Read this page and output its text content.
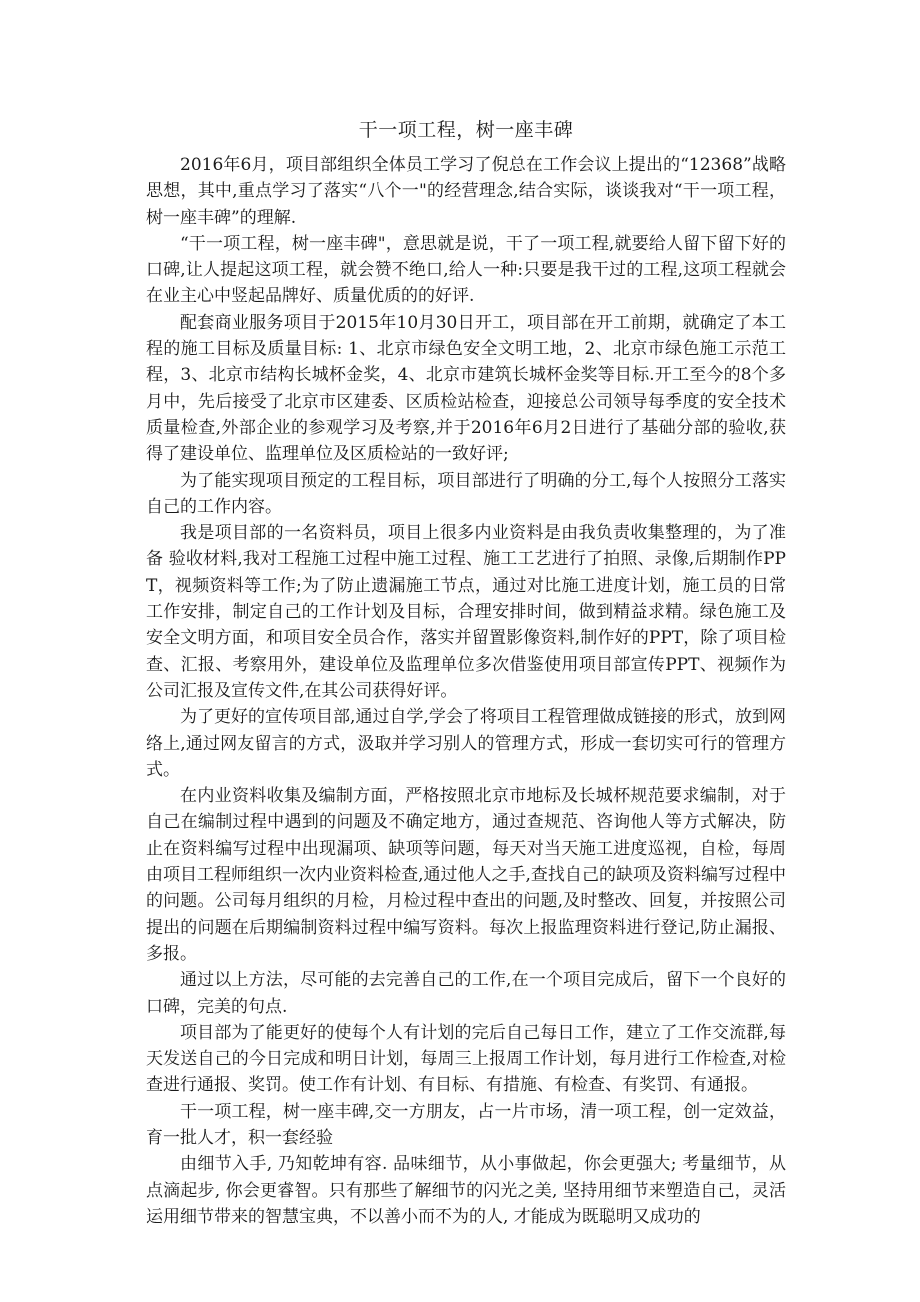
干一项工程，树一座丰碑

2016年6月，项目部组织全体员工学习了倪总在工作会议上提出的“12368”战略思想，其中,重点学习了落实“八个一"的经营理念,结合实际，谈谈我对“干一项工程，树一座丰碑”的理解.

“干一项工程，树一座丰碑"，意思就是说，干了一项工程,就要给人留下留下好的口碑,让人提起这项工程，就会赞不绝口,给人一种:只要是我干过的工程,这项工程就会在业主心中竖起品牌好、质量优质的的好评.

配套商业服务项目于2015年10月30日开工，项目部在开工前期，就确定了本工程的施工目标及质量目标: 1、北京市绿色安全文明工地，2、北京市绿色施工示范工程，3、北京市结构长城杯金奖，4、北京市建筑长城杯金奖等目标.开工至今的8个多月中，先后接受了北京市区建委、区质检站检查，迎接总公司领导每季度的安全技术质量检查,外部企业的参观学习及考察,并于2016年6月2日进行了基础分部的验收,获得了建设单位、监理单位及区质检站的一致好评;

为了能实现项目预定的工程目标，项目部进行了明确的分工,每个人按照分工落实自己的工作内容。

我是项目部的一名资料员，项目上很多内业资料是由我负责收集整理的，为了准备 验收材料,我对工程施工过程中施工过程、施工工艺进行了拍照、录像,后期制作PPT，视频资料等工作;为了防止遗漏施工节点，通过对比施工进度计划，施工员的日常工作安排，制定自己的工作计划及目标，合理安排时间，做到精益求精。绿色施工及安全文明方面，和项目安全员合作，落实并留置影像资料,制作好的PPT，除了项目检查、汇报、考察用外，建设单位及监理单位多次借鉴使用项目部宣传PPT、视频作为公司汇报及宣传文件,在其公司获得好评。

为了更好的宣传项目部,通过自学,学会了将项目工程管理做成链接的形式，放到网络上,通过网友留言的方式，汲取并学习别人的管理方式，形成一套切实可行的管理方式。

在内业资料收集及编制方面，严格按照北京市地标及长城杯规范要求编制，对于自己在编制过程中遇到的问题及不确定地方，通过查规范、咨询他人等方式解决，防止在资料编写过程中出现漏项、缺项等问题，每天对当天施工进度巡视，自检，每周由项目工程师组织一次内业资料检查,通过他人之手,查找自己的缺项及资料编写过程中的问题。公司每月组织的月检，月检过程中查出的问题,及时整改、回复，并按照公司提出的问题在后期编制资料过程中编写资料。每次上报监理资料进行登记,防止漏报、多报。

通过以上方法，尽可能的去完善自己的工作,在一个项目完成后，留下一个良好的口碑，完美的句点.

项目部为了能更好的使每个人有计划的完后自己每日工作，建立了工作交流群,每天发送自己的今日完成和明日计划，每周三上报周工作计划，每月进行工作检查,对检查进行通报、奖罚。使工作有计划、有目标、有措施、有检查、有奖罚、有通报。

干一项工程，树一座丰碑,交一方朋友，占一片市场，清一项工程，创一定效益，育一批人才，积一套经验

由细节入手, 乃知乾坤有容. 品味细节，从小事做起，你会更强大; 考量细节，从点滴起步, 你会更睿智。只有那些了解细节的闪光之美, 坚持用细节来塑造自己，灵活运用细节带来的智慧宝典，不以善小而不为的人, 才能成为既聪明又成功的
